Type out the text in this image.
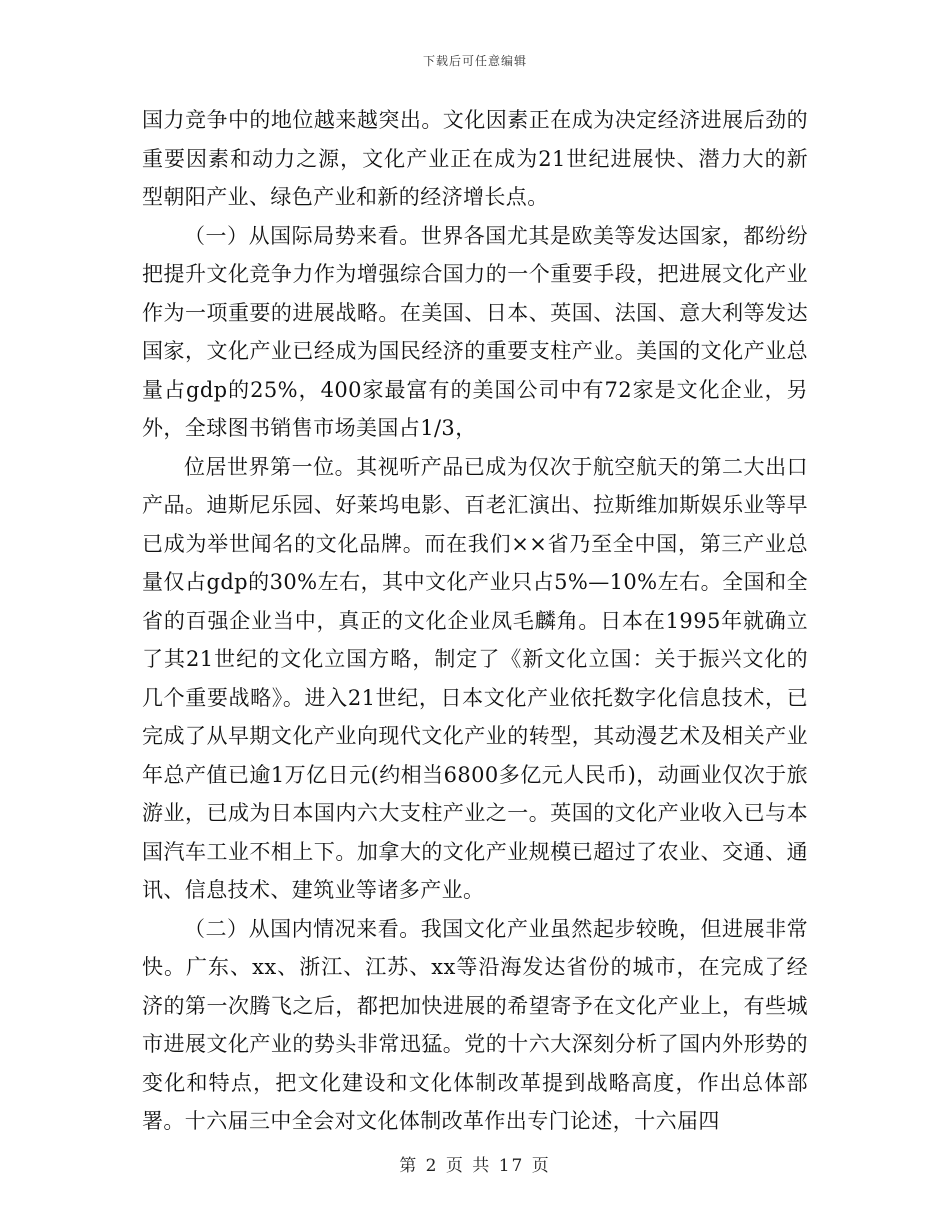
下载后可任意编辑

国力竞争中的地位越来越突出。文化因素正在成为决定经济进展后劲的重要因素和动力之源，文化产业正在成为21世纪进展快、潜力大的新型朝阳产业、绿色产业和新的经济增长点。

（一）从国际局势来看。世界各国尤其是欧美等发达国家，都纷纷把提升文化竞争力作为增强综合国力的一个重要手段，把进展文化产业作为一项重要的进展战略。在美国、日本、英国、法国、意大利等发达国家，文化产业已经成为国民经济的重要支柱产业。美国的文化产业总量占gdp的25%，400家最富有的美国公司中有72家是文化企业，另外，全球图书销售市场美国占1/3，

位居世界第一位。其视听产品已成为仅次于航空航天的第二大出口产品。迪斯尼乐园、好莱坞电影、百老汇演出、拉斯维加斯娱乐业等早已成为举世闻名的文化品牌。而在我们××省乃至全中国，第三产业总量仅占gdp的30%左右，其中文化产业只占5%—10%左右。全国和全省的百强企业当中，真正的文化企业凤毛麟角。日本在1995年就确立了其21世纪的文化立国方略，制定了《新文化立国：关于振兴文化的几个重要战略》。进入21世纪，日本文化产业依托数字化信息技术，已完成了从早期文化产业向现代文化产业的转型，其动漫艺术及相关产业年总产值已逾1万亿日元(约相当6800多亿元人民币)，动画业仅次于旅游业，已成为日本国内六大支柱产业之一。英国的文化产业收入已与本国汽车工业不相上下。加拿大的文化产业规模已超过了农业、交通、通讯、信息技术、建筑业等诸多产业。

（二）从国内情况来看。我国文化产业虽然起步较晚，但进展非常快。广东、xx、浙江、江苏、xx等沿海发达省份的城市，在完成了经济的第一次腾飞之后，都把加快进展的希望寄予在文化产业上，有些城市进展文化产业的势头非常迅猛。党的十六大深刻分析了国内外形势的变化和特点，把文化建设和文化体制改革提到战略高度，作出总体部署。十六届三中全会对文化体制改革作出专门论述，十六届四

第 2 页 共 17 页
